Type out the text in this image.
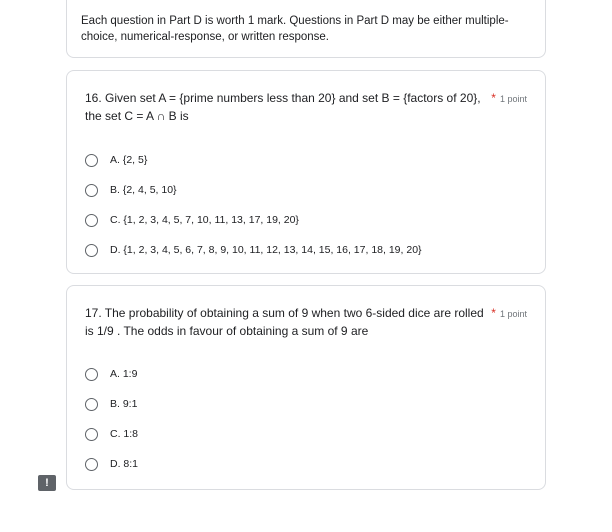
Each question in Part D is worth 1 mark. Questions in Part D may be either multiple-choice, numerical-response, or written response.
16. Given set A = {prime numbers less than 20} and set B = {factors of 20}, the set C = A ∩ B is
* 1 point
A. {2, 5}
B. {2, 4, 5, 10}
C. {1, 2, 3, 4, 5, 7, 10, 11, 13, 17, 19, 20}
D. {1, 2, 3, 4, 5, 6, 7, 8, 9, 10, 11, 12, 13, 14, 15, 16, 17, 18, 19, 20}
17. The probability of obtaining a sum of 9 when two 6-sided dice are rolled is 1/9 . The odds in favour of obtaining a sum of 9 are
* 1 point
A. 1:9
B. 9:1
C. 1:8
D. 8:1
!
